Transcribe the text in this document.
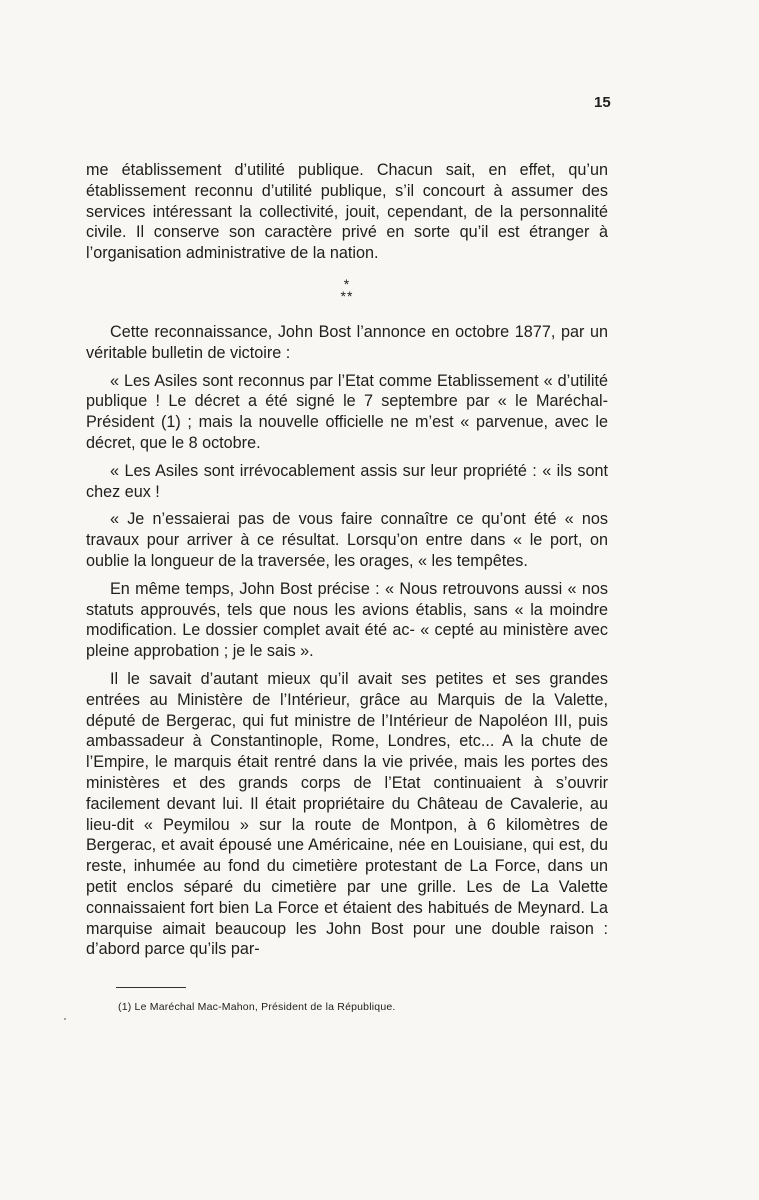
15

me établissement d’utilité publique. Chacun sait, en effet, qu’un établissement reconnu d’utilité publique, s’il concourt à assumer des services intéressant la collectivité, jouit, cependant, de la personnalité civile. Il conserve son caractère privé en sorte qu’il est étranger à l’organisation administrative de la nation.

*
**

Cette reconnaissance, John Bost l’annonce en octobre 1877, par un véritable bulletin de victoire :

« Les Asiles sont reconnus par l’Etat comme Etablissement « d’utilité publique ! Le décret a été signé le 7 septembre par « le Maréchal-Président (1) ; mais la nouvelle officielle ne m’est « parvenue, avec le décret, que le 8 octobre.

« Les Asiles sont irrévocablement assis sur leur propriété : « ils sont chez eux !

« Je n’essaierai pas de vous faire connaître ce qu’ont été « nos travaux pour arriver à ce résultat. Lorsqu’on entre dans « le port, on oublie la longueur de la traversée, les orages, « les tempêtes.

En même temps, John Bost précise : « Nous retrouvons aussi « nos statuts approuvés, tels que nous les avions établis, sans « la moindre modification. Le dossier complet avait été ac- « cepté au ministère avec pleine approbation ; je le sais ».

Il le savait d’autant mieux qu’il avait ses petites et ses grandes entrées au Ministère de l’Intérieur, grâce au Marquis de la Valette, député de Bergerac, qui fut ministre de l’Intérieur de Napoléon III, puis ambassadeur à Constantinople, Rome, Londres, etc... A la chute de l’Empire, le marquis était rentré dans la vie privée, mais les portes des ministères et des grands corps de l’Etat continuaient à s’ouvrir facilement devant lui. Il était propriétaire du Château de Cavalerie, au lieu-dit « Peymilou » sur la route de Montpon, à 6 kilomètres de Bergerac, et avait épousé une Américaine, née en Louisiane, qui est, du reste, inhumée au fond du cimetière protestant de La Force, dans un petit enclos séparé du cimetière par une grille. Les de La Valette connaissaient fort bien La Force et étaient des habitués de Meynard. La marquise aimait beaucoup les John Bost pour une double raison : d’abord parce qu’ils par-

(1) Le Maréchal Mac-Mahon, Président de la République.
